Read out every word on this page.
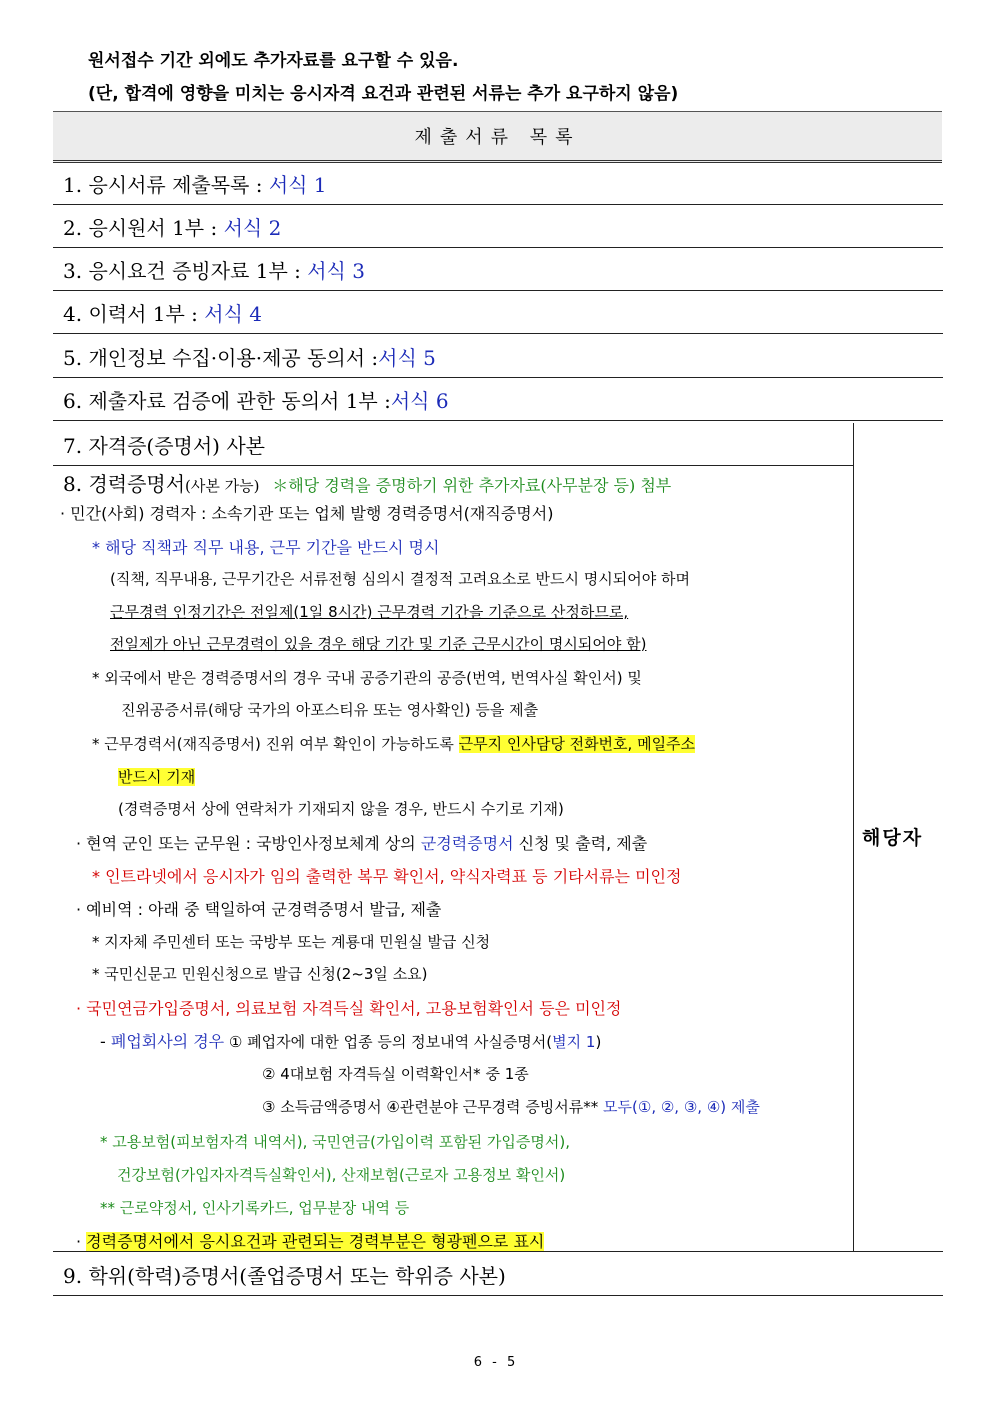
원서접수 기간 외에도 추가자료를 요구할 수 있음.
(단, 합격에 영향을 미치는 응시자격 요건과 관련된 서류는 추가 요구하지 않음)
제출서류 목록
1. 응시서류 제출목록 :
서식 1
2. 응시원서 1부 :
서식 2
3. 응시요건 증빙자료 1부 :
서식 3
4. 이력서 1부 :
서식 4
5. 개인정보 수집·이용·제공 동의서 : 서식 5
6. 제출자료 검증에 관한 동의서 1부 : 서식 6
해당자
7. 자격증(증명서) 사본
8. 경력증명서(사본 가능) ＊해당 경력을 증명하기 위한 추가자료(사무분장 등) 첨부
· 민간(사회) 경력자 : 소속기관 또는 업체 발행 경력증명서(재직증명서)
* 해당 직책과 직무 내용, 근무 기간을 반드시 명시
(직책, 직무내용, 근무기간은 서류전형 심의시 결정적 고려요소로 반드시 명시되어야 하며
근무경력 인정기간은 전일제(1일 8시간) 근무경력 기간을 기준으로 산정하므로,
전일제가 아닌 근무경력이 있을 경우 해당 기간 및 기준 근무시간이 명시되어야 함)
* 외국에서 받은 경력증명서의 경우 국내 공증기관의 공증(번역, 번역사실 확인서) 및
진위공증서류(해당 국가의 아포스티유 또는 영사확인) 등을 제출
* 근무경력서(재직증명서) 진위 여부 확인이 가능하도록 근무지 인사담당 전화번호, 메일주소
반드시 기재
(경력증명서 상에 연락처가 기재되지 않을 경우, 반드시 수기로 기재)
· 현역 군인 또는 군무원 : 국방인사정보체계 상의 군경력증명서 신청 및 출력, 제출
* 인트라넷에서 응시자가 임의 출력한 복무 확인서, 약식자력표 등 기타서류는 미인정
· 예비역 : 아래 중 택일하여 군경력증명서 발급, 제출
* 지자체 주민센터 또는 국방부 또는 계룡대 민원실 발급 신청
* 국민신문고 민원신청으로 발급 신청(2~3일 소요)
· 국민연금가입증명서, 의료보험 자격득실 확인서, 고용보험확인서 등은 미인정
- 폐업회사의 경우 ① 폐업자에 대한 업종 등의 정보내역 사실증명서(별지 1)
② 4대보험 자격득실 이력확인서* 중 1종
③ 소득금액증명서 ④관련분야 근무경력 증빙서류** 모두(①, ②, ③, ④) 제출
* 고용보험(피보험자격 내역서), 국민연금(가입이력 포함된 가입증명서),
건강보험(가입자자격득실확인서), 산재보험(근로자 고용정보 확인서)
** 근로약정서, 인사기록카드, 업무분장 내역 등
· 경력증명서에서 응시요건과 관련되는 경력부분은 형광펜으로 표시
9. 학위(학력)증명서(졸업증명서 또는 학위증 사본)
6 - 5
